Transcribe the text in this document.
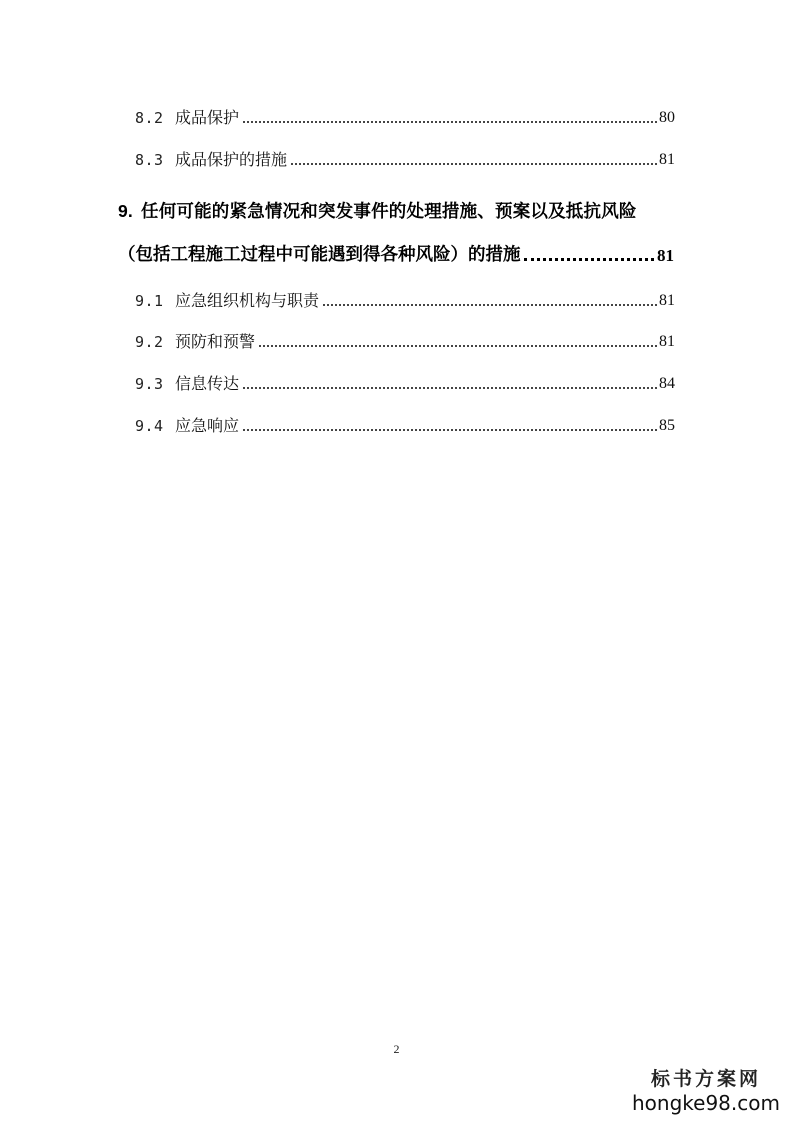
8.2 成品保护	80
8.3 成品保护的措施	81
9. 任何可能的紧急情况和突发事件的处理措施、预案以及抵抗风险
（包括工程施工过程中可能遇到得各种风险）的措施	81
9.1 应急组织机构与职责	81
9.2 预防和预警	81
9.3 信息传达	84
9.4 应急响应	85
2
标书方案网
hongke98.com
